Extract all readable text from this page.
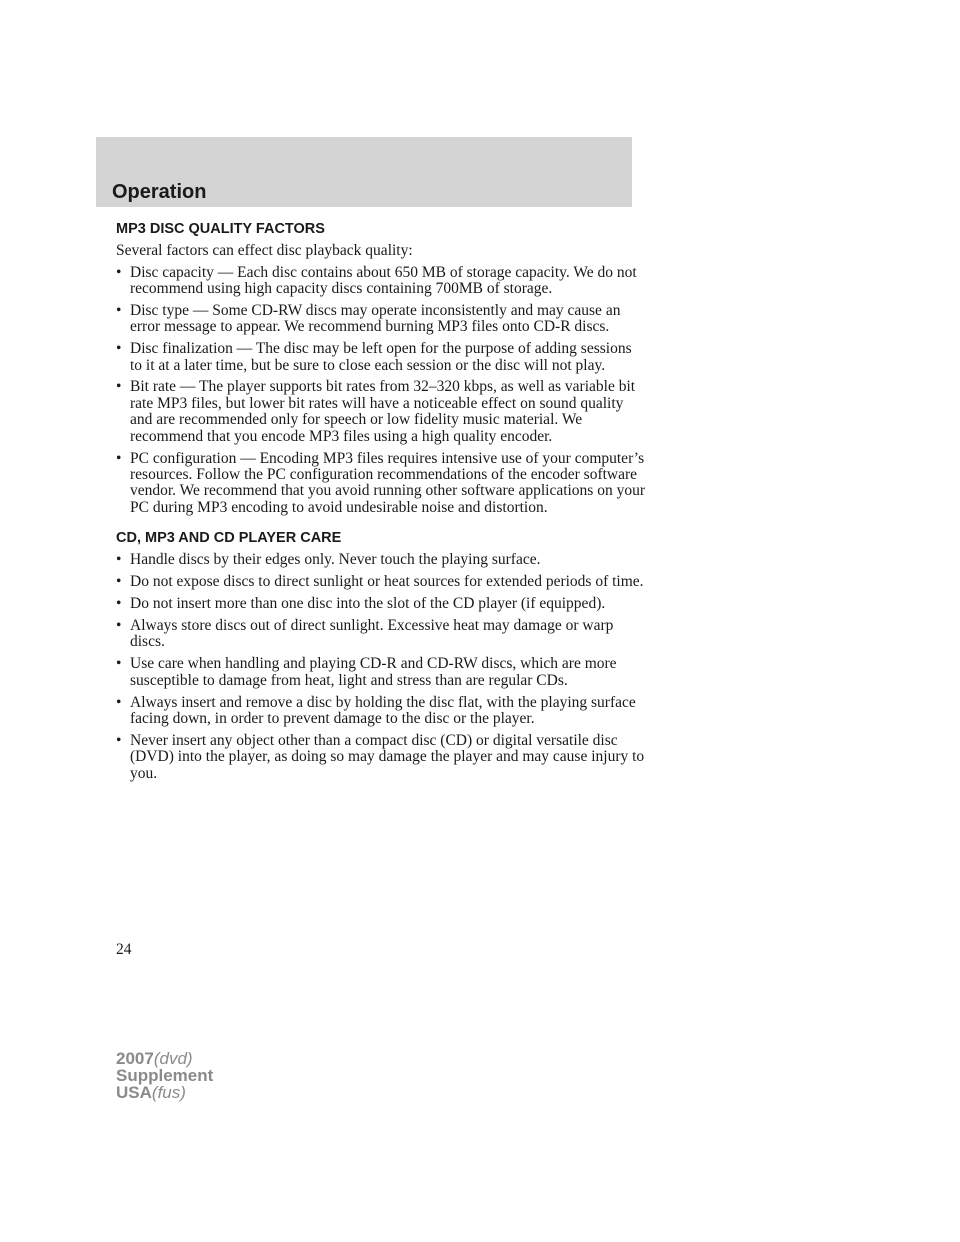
Operation
MP3 DISC QUALITY FACTORS

Several factors can effect disc playback quality:

• Disc capacity — Each disc contains about 650 MB of storage capacity. We do not recommend using high capacity discs containing 700MB of storage.
• Disc type — Some CD-RW discs may operate inconsistently and may cause an error message to appear. We recommend burning MP3 files onto CD-R discs.
• Disc finalization — The disc may be left open for the purpose of adding sessions to it at a later time, but be sure to close each session or the disc will not play.
• Bit rate — The player supports bit rates from 32–320 kbps, as well as variable bit rate MP3 files, but lower bit rates will have a noticeable effect on sound quality and are recommended only for speech or low fidelity music material. We recommend that you encode MP3 files using a high quality encoder.
• PC configuration — Encoding MP3 files requires intensive use of your computer’s resources. Follow the PC configuration recommendations of the encoder software vendor. We recommend that you avoid running other software applications on your PC during MP3 encoding to avoid undesirable noise and distortion.
CD, MP3 AND CD PLAYER CARE
• Handle discs by their edges only. Never touch the playing surface.
• Do not expose discs to direct sunlight or heat sources for extended periods of time.
• Do not insert more than one disc into the slot of the CD player (if equipped).
• Always store discs out of direct sunlight. Excessive heat may damage or warp discs.
• Use care when handling and playing CD-R and CD-RW discs, which are more susceptible to damage from heat, light and stress than are regular CDs.
• Always insert and remove a disc by holding the disc flat, with the playing surface facing down, in order to prevent damage to the disc or the player.
• Never insert any object other than a compact disc (CD) or digital versatile disc (DVD) into the player, as doing so may damage the player and may cause injury to you.
24
2007(dvd)
Supplement
USA(fus)
